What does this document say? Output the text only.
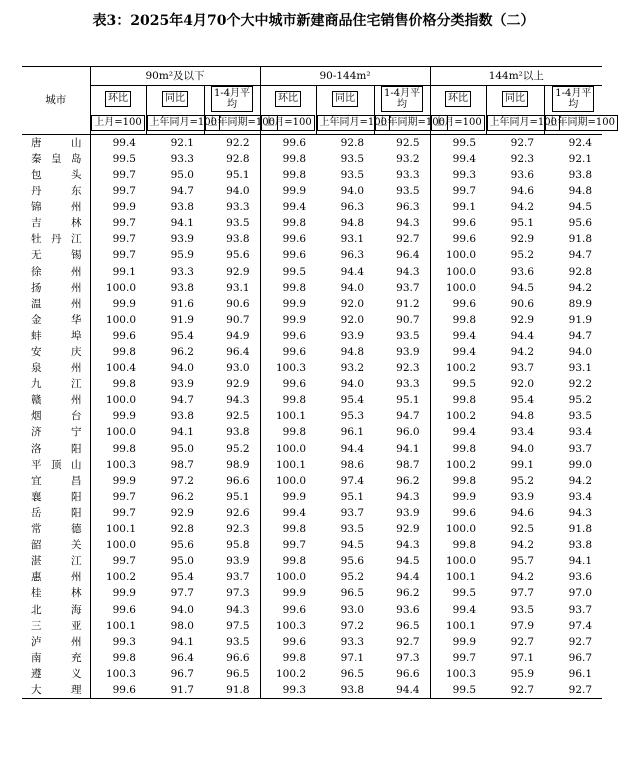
表3：2025年4月70个大中城市新建商品住宅销售价格分类指数（二）
城市	90m²及以下			90-144m²			144m²以上		
	环比	同比	1-4月平均	环比	同比	1-4月平均	环比	同比	1-4月平均
	上月=100	上年同月=100	上年同期=100	上月=100	上年同月=100	上年同期=100	上月=100	上年同月=100	上年同期=100
唐山	99.4	92.1	92.2	99.6	92.8	92.5	99.5	92.7	92.4
秦皇岛	99.5	93.3	92.8	99.8	93.5	93.2	99.4	92.3	92.1
包头	99.7	95.0	95.1	99.8	93.5	93.3	99.3	93.6	93.8
丹东	99.7	94.7	94.0	99.9	94.0	93.5	99.7	94.6	94.8
锦州	99.9	93.8	93.3	99.4	96.3	96.3	99.1	94.2	94.5
吉林	99.7	94.1	93.5	99.8	94.8	94.3	99.6	95.1	95.6
牡丹江	99.7	93.9	93.8	99.6	93.1	92.7	99.6	92.9	91.8
无锡	99.7	95.9	95.6	99.6	96.3	96.4	100.0	95.2	94.7
徐州	99.1	93.3	92.9	99.5	94.4	94.3	100.0	93.6	92.8
扬州	100.0	93.8	93.1	99.8	94.0	93.7	100.0	94.5	94.2
温州	99.9	91.6	90.6	99.9	92.0	91.2	99.6	90.6	89.9
金华	100.0	91.9	90.7	99.9	92.0	90.7	99.8	92.9	91.9
蚌埠	99.6	95.4	94.9	99.6	93.9	93.5	99.4	94.4	94.7
安庆	99.8	96.2	96.4	99.6	94.8	93.9	99.4	94.2	94.0
泉州	100.4	94.0	93.0	100.3	93.2	92.3	100.2	93.7	93.1
九江	99.8	93.9	92.9	99.6	94.0	93.3	99.5	92.0	92.2
赣州	100.0	94.7	94.3	99.8	95.4	95.1	99.8	95.4	95.2
烟台	99.9	93.8	92.5	100.1	95.3	94.7	100.2	94.8	93.5
济宁	100.0	94.1	93.8	99.8	96.1	96.0	99.4	93.4	93.4
洛阳	99.8	95.0	95.2	100.0	94.4	94.1	99.8	94.0	93.7
平顶山	100.3	98.7	98.9	100.1	98.6	98.7	100.2	99.1	99.0
宜昌	99.9	97.2	96.6	100.0	97.4	96.2	99.8	95.2	94.2
襄阳	99.7	96.2	95.1	99.9	95.1	94.3	99.9	93.9	93.4
岳阳	99.7	92.9	92.6	99.4	93.7	93.9	99.6	94.6	94.3
常德	100.1	92.8	92.3	99.8	93.5	92.9	100.0	92.5	91.8
韶关	100.0	95.6	95.8	99.7	94.5	94.3	99.8	94.2	93.8
湛江	99.7	95.0	93.9	99.8	95.6	94.5	100.0	95.7	94.1
惠州	100.2	95.4	93.7	100.0	95.2	94.4	100.1	94.2	93.6
桂林	99.9	97.7	97.3	99.9	96.5	96.2	99.5	97.7	97.0
北海	99.6	94.0	94.3	99.6	93.0	93.6	99.4	93.5	93.7
三亚	100.1	98.0	97.5	100.3	97.2	96.5	100.1	97.9	97.4
泸州	99.3	94.1	93.5	99.6	93.3	92.7	99.9	92.7	92.7
南充	99.8	96.4	96.6	99.8	97.1	97.3	99.7	97.1	96.7
遵义	100.3	96.7	96.5	100.2	96.5	96.6	100.3	95.9	96.1
大理	99.6	91.7	91.8	99.3	93.8	94.4	99.5	92.7	92.7
